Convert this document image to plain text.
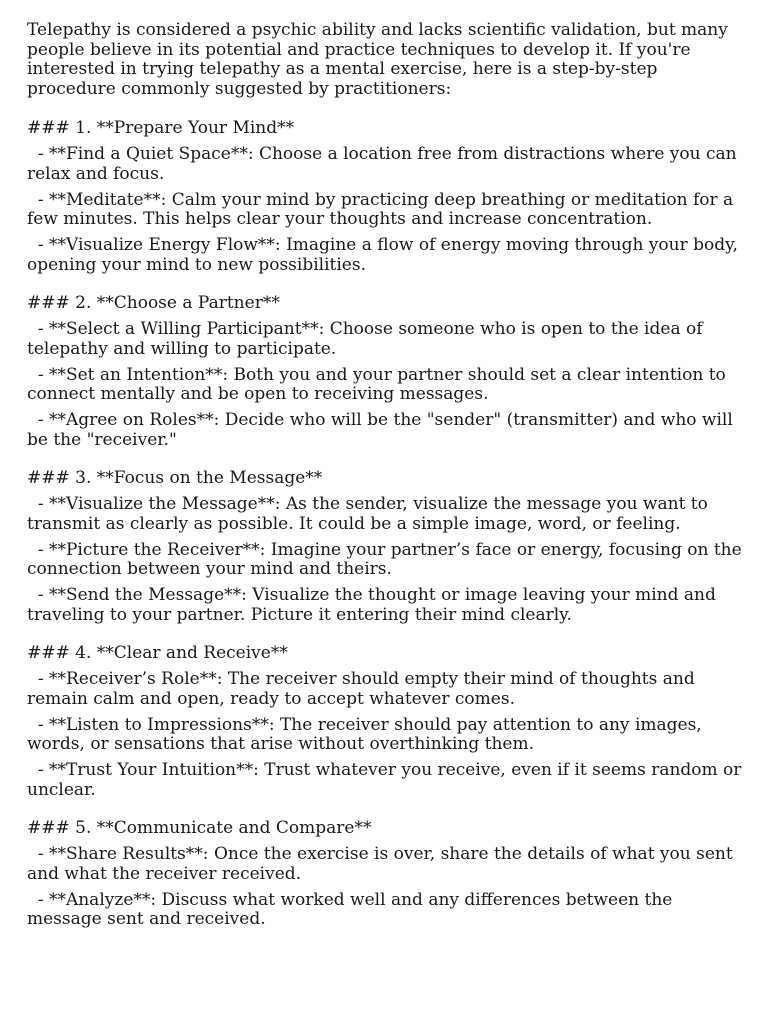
Telepathy is considered a psychic ability and lacks scientific validation, but many people believe in its potential and practice techniques to develop it. If you're interested in trying telepathy as a mental exercise, here is a step-by-step procedure commonly suggested by practitioners:

### 1. **Prepare Your Mind**

- **Find a Quiet Space**: Choose a location free from distractions where you can relax and focus.

- **Meditate**: Calm your mind by practicing deep breathing or meditation for a few minutes. This helps clear your thoughts and increase concentration.

- **Visualize Energy Flow**: Imagine a flow of energy moving through your body, opening your mind to new possibilities.

### 2. **Choose a Partner**

- **Select a Willing Participant**: Choose someone who is open to the idea of telepathy and willing to participate.

- **Set an Intention**: Both you and your partner should set a clear intention to connect mentally and be open to receiving messages.

- **Agree on Roles**: Decide who will be the "sender" (transmitter) and who will be the "receiver."

### 3. **Focus on the Message**

- **Visualize the Message**: As the sender, visualize the message you want to transmit as clearly as possible. It could be a simple image, word, or feeling.

- **Picture the Receiver**: Imagine your partner’s face or energy, focusing on the connection between your mind and theirs.

- **Send the Message**: Visualize the thought or image leaving your mind and traveling to your partner. Picture it entering their mind clearly.

### 4. **Clear and Receive**

- **Receiver’s Role**: The receiver should empty their mind of thoughts and remain calm and open, ready to accept whatever comes.

- **Listen to Impressions**: The receiver should pay attention to any images, words, or sensations that arise without overthinking them.

- **Trust Your Intuition**: Trust whatever you receive, even if it seems random or unclear.

### 5. **Communicate and Compare**

- **Share Results**: Once the exercise is over, share the details of what you sent and what the receiver received.

- **Analyze**: Discuss what worked well and any differences between the message sent and received.
